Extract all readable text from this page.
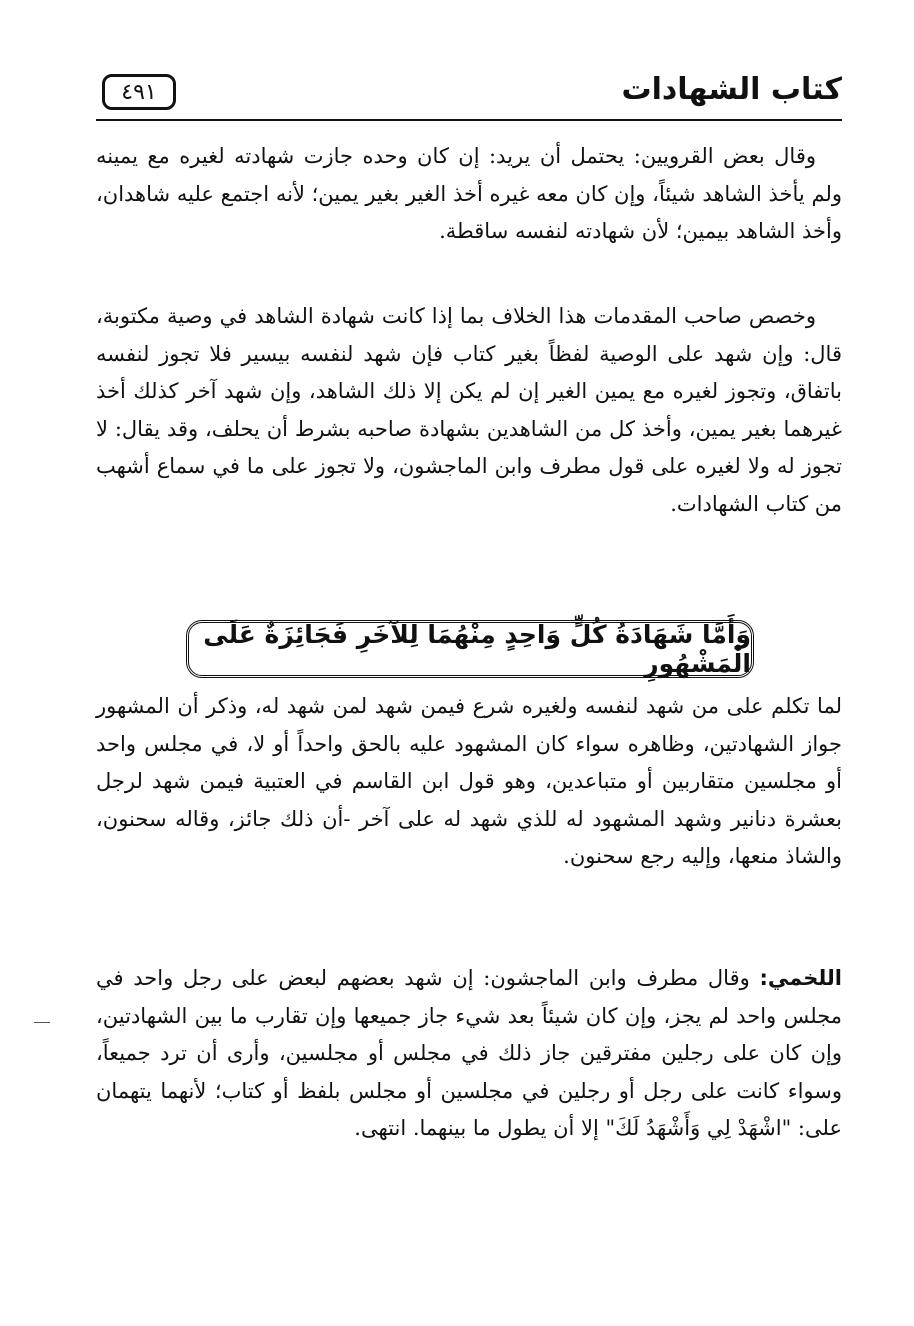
٤٩١	كتاب الشهادات
وقال بعض القرويين: يحتمل أن يريد: إن كان وحده جازت شهادته لغيره مع يمينه ولم يأخذ الشاهد شيئاً، وإن كان معه غيره أخذ الغير بغير يمين؛ لأنه اجتمع عليه شاهدان، وأخذ الشاهد بيمين؛ لأن شهادته لنفسه ساقطة.
وخصص صاحب المقدمات هذا الخلاف بما إذا كانت شهادة الشاهد في وصية مكتوبة، قال: وإن شهد على الوصية لفظاً بغير كتاب فإن شهد لنفسه بيسير فلا تجوز لنفسه باتفاق، وتجوز لغيره مع يمين الغير إن لم يكن إلا ذلك الشاهد، وإن شهد آخر كذلك أخذ غيرهما بغير يمين، وأخذ كل من الشاهدين بشهادة صاحبه بشرط أن يحلف، وقد يقال: لا تجوز له ولا لغيره على قول مطرف وابن الماجشون، ولا تجوز على ما في سماع أشهب من كتاب الشهادات.
وَأَمَّا شَهَادَةُ كُلٍّ وَاحِدٍ مِنْهُمَا لِلآخَرِ فَجَائِزَةٌ عَلَى الْمَشْهُورِ
لما تكلم على من شهد لنفسه ولغيره شرع فيمن شهد لمن شهد له، وذكر أن المشهور جواز الشهادتين، وظاهره سواء كان المشهود عليه بالحق واحداً أو لا، في مجلس واحد أو مجلسين متقاربين أو متباعدين، وهو قول ابن القاسم في العتبية فيمن شهد لرجل بعشرة دنانير وشهد المشهود له للذي شهد له على آخر -أن ذلك جائز، وقاله سحنون، والشاذ منعها، وإليه رجع سحنون.
اللخمي: وقال مطرف وابن الماجشون: إن شهد بعضهم لبعض على رجل واحد في مجلس واحد لم يجز، وإن كان شيئاً بعد شيء جاز جميعها وإن تقارب ما بين الشهادتين، وإن كان على رجلين مفترقين جاز ذلك في مجلس أو مجلسين، وأرى أن ترد جميعاً، وسواء كانت على رجل أو رجلين في مجلسين أو مجلس بلفظ أو كتاب؛ لأنهما يتهمان على: "اشْهَدْ لِي وَأَشْهَدُ لَكَ" إلا أن يطول ما بينهما. انتهى.
